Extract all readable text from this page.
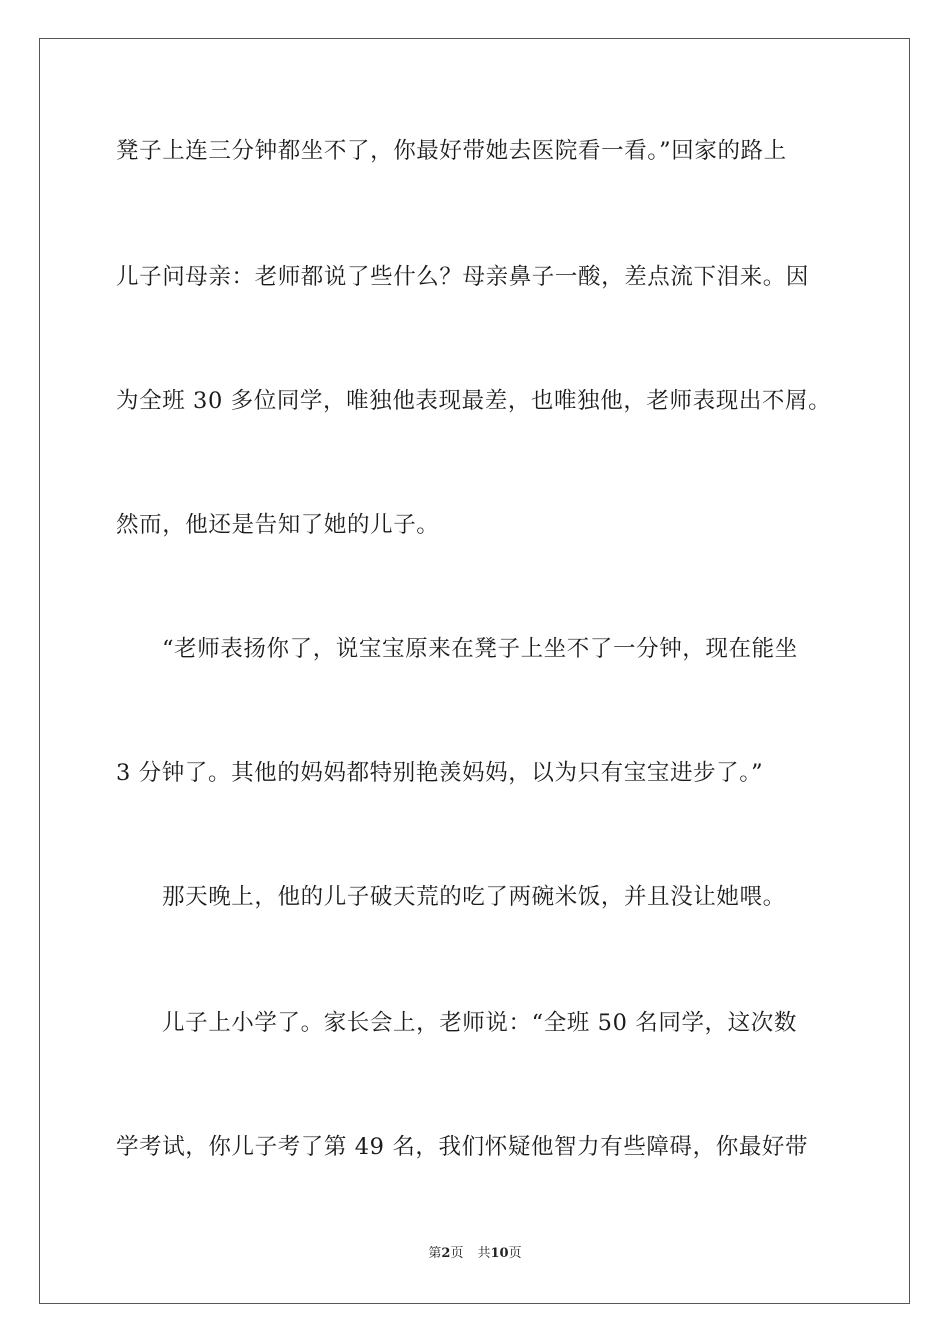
凳子上连三分钟都坐不了，你最好带她去医院看一看。”回家的路上
儿子问母亲：老师都说了些什么？母亲鼻子一酸，差点流下泪来。因
为全班 30 多位同学，唯独他表现最差，也唯独他，老师表现出不屑。
然而，他还是告知了她的儿子。
“老师表扬你了，说宝宝原来在凳子上坐不了一分钟，现在能坐
3 分钟了。其他的妈妈都特别艳羡妈妈，以为只有宝宝进步了。”
那天晚上，他的儿子破天荒的吃了两碗米饭，并且没让她喂。
儿子上小学了。家长会上，老师说：“全班 50 名同学，这次数
学考试，你儿子考了第 49 名，我们怀疑他智力有些障碍，你最好带
第2页 共10页
